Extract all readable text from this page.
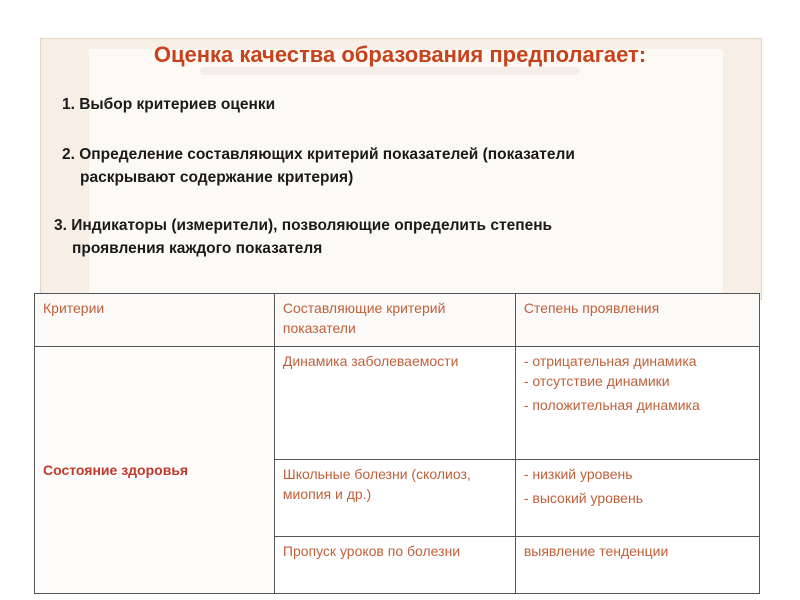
Оценка качества образования предполагает:
1. Выбор критериев оценки
2. Определение составляющих критерий показателей (показатели
раскрывают содержание критерия)
3. Индикаторы (измерители), позволяющие определить степень
проявления каждого показателя
Критерии	Составляющие критерий показатели	Степень проявления
Состояние здоровья	Динамика заболеваемости	- отрицательная динамика
- отсутствие динамики
- положительная динамика

	Школьные болезни (сколиоз, миопия и др.)	- низкий уровень
- высокий уровень

	Пропуск уроков по болезни	выявление тенденции
